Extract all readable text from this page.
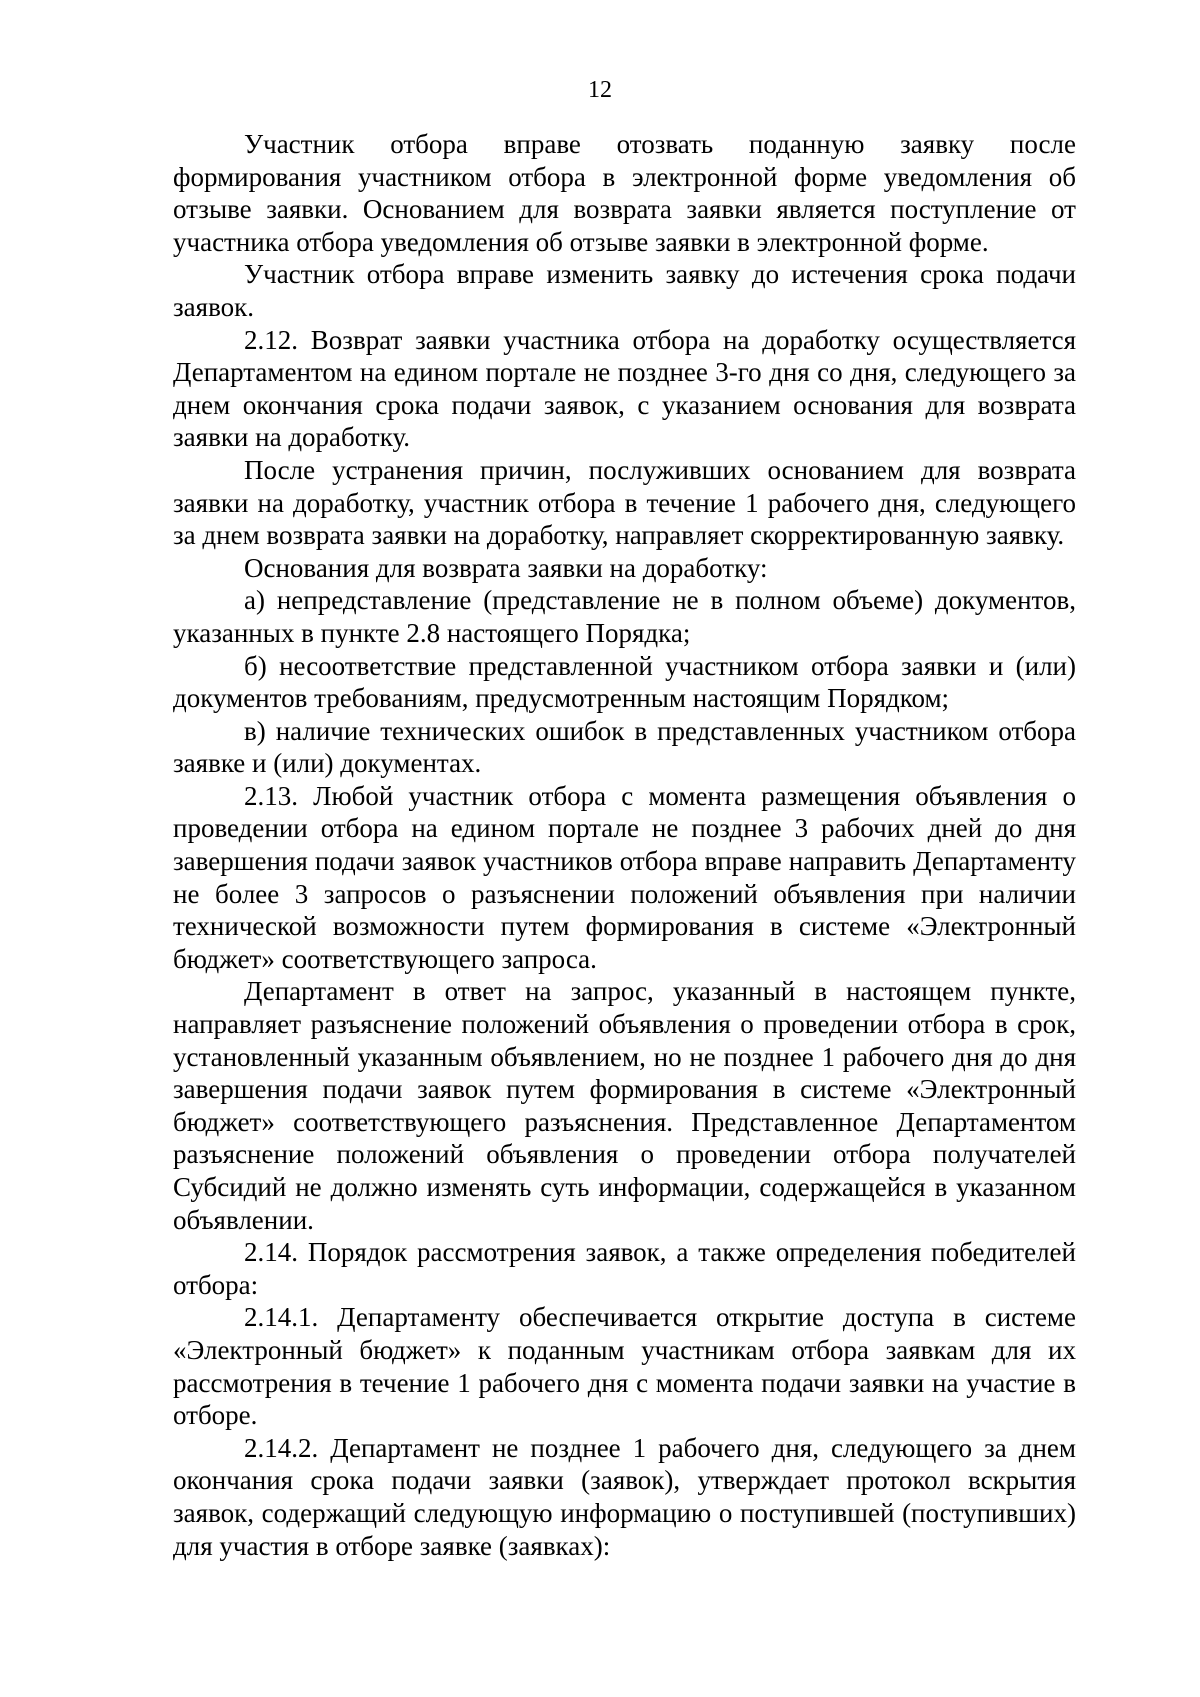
12

Участник отбора вправе отозвать поданную заявку после формирования участником отбора в электронной форме уведомления об отзыве заявки. Основанием для возврата заявки является поступление от участника отбора уведомления об отзыве заявки в электронной форме.

Участник отбора вправе изменить заявку до истечения срока подачи заявок.

2.12. Возврат заявки участника отбора на доработку осуществляется Департаментом на едином портале не позднее 3-го дня со дня, следующего за днем окончания срока подачи заявок, с указанием основания для возврата заявки на доработку.

После устранения причин, послуживших основанием для возврата заявки на доработку, участник отбора в течение 1 рабочего дня, следующего за днем возврата заявки на доработку, направляет скорректированную заявку.

Основания для возврата заявки на доработку:

а) непредставление (представление не в полном объеме) документов, указанных в пункте 2.8 настоящего Порядка;

б) несоответствие представленной участником отбора заявки и (или) документов требованиям, предусмотренным настоящим Порядком;

в) наличие технических ошибок в представленных участником отбора заявке и (или) документах.

2.13. Любой участник отбора с момента размещения объявления о проведении отбора на едином портале не позднее 3 рабочих дней до дня завершения подачи заявок участников отбора вправе направить Департаменту не более 3 запросов о разъяснении положений объявления при наличии технической возможности путем формирования в системе «Электронный бюджет» соответствующего запроса.

Департамент в ответ на запрос, указанный в настоящем пункте, направляет разъяснение положений объявления о проведении отбора в срок, установленный указанным объявлением, но не позднее 1 рабочего дня до дня завершения подачи заявок путем формирования в системе «Электронный бюджет» соответствующего разъяснения. Представленное Департаментом разъяснение положений объявления о проведении отбора получателей Субсидий не должно изменять суть информации, содержащейся в указанном объявлении.

2.14. Порядок рассмотрения заявок, а также определения победителей отбора:

2.14.1. Департаменту обеспечивается открытие доступа в системе «Электронный бюджет» к поданным участникам отбора заявкам для их рассмотрения в течение 1 рабочего дня с момента подачи заявки на участие в отборе.

2.14.2. Департамент не позднее 1 рабочего дня, следующего за днем окончания срока подачи заявки (заявок), утверждает протокол вскрытия заявок, содержащий следующую информацию о поступившей (поступивших) для участия в отборе заявке (заявках):
